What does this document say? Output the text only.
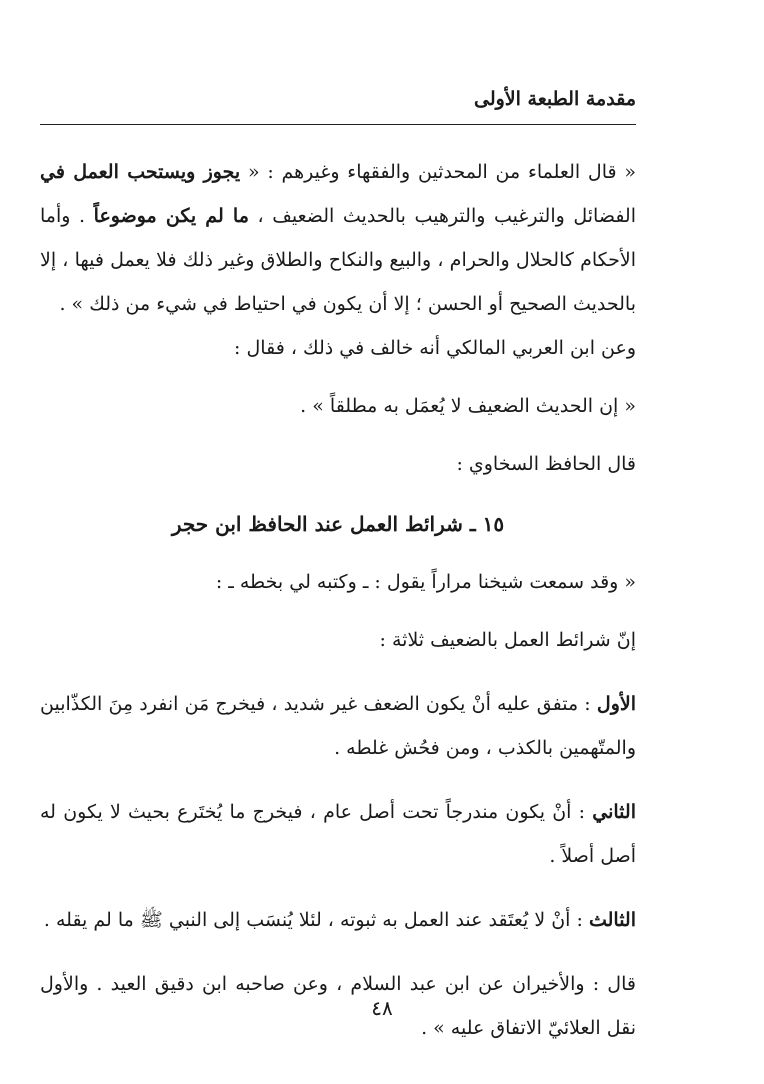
مقدمة الطبعة الأولى

« قال العلماء من المحدثين والفقهاء وغيرهم : « يجوز ويستحب العمل في الفضائل والترغيب والترهيب بالحديث الضعيف ، ما لم يكن موضوعاً . وأما الأحكام كالحلال والحرام ، والبيع والنكاح والطلاق وغير ذلك فلا يعمل فيها ، إلا بالحديث الصحيح أو الحسن ؛ إلا أن يكون في احتياط في شيء من ذلك » .

وعن ابن العربي المالكي أنه خالف في ذلك ، فقال :

« إن الحديث الضعيف لا يُعمَل به مطلقاً » .

قال الحافظ السخاوي :

١٥ ـ شرائط العمل عند الحافظ ابن حجر

« وقد سمعت شيخنا مراراً يقول : ـ وكتبه لي بخطه ـ :

إنّ شرائط العمل بالضعيف ثلاثة :

الأول : متفق عليه أنْ يكون الضعف غير شديد ، فيخرج مَن انفرد مِنَ الكذّابين والمتّهمين بالكذب ، ومن فحُش غلطه .

الثاني : أنْ يكون مندرجاً تحت أصل عام ، فيخرج ما يُختَرع بحيث لا يكون له أصل أصلاً .

الثالث : أنْ لا يُعتَقد عند العمل به ثبوته ، لئلا يُنسَب إلى النبي ﷺ ما لم يقله .

قال : والأخيران عن ابن عبد السلام ، وعن صاحبه ابن دقيق العيد . والأول نقل العلائيّ الاتفاق عليه » .

٤٨
